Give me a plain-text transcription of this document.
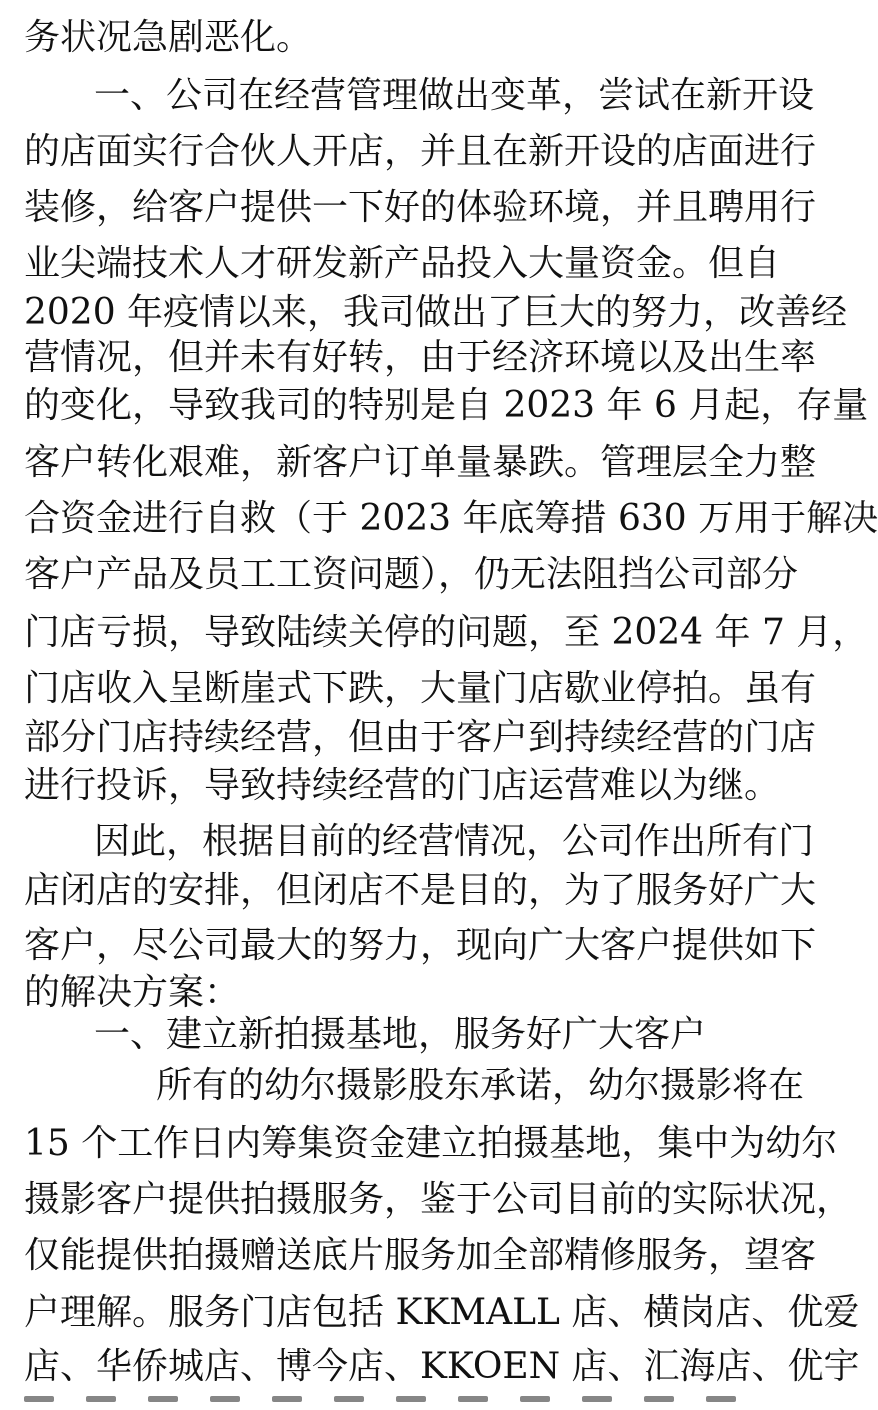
务状况急剧恶化。
一、公司在经营管理做出变革，尝试在新开设
的店面实行合伙人开店，并且在新开设的店面进行
装修，给客户提供一下好的体验环境，并且聘用行
业尖端技术人才研发新产品投入大量资金。但自
2020 年疫情以来，我司做出了巨大的努力，改善经
营情况，但并未有好转，由于经济环境以及出生率
的变化，导致我司的特别是自 2023 年 6 月起，存量
客户转化艰难，新客户订单量暴跌。管理层全力整
合资金进行自救（于 2023 年底筹措 630 万用于解决
客户产品及员工工资问题），仍无法阻挡公司部分
门店亏损，导致陆续关停的问题，至 2024 年 7 月，
门店收入呈断崖式下跌，大量门店歇业停拍。虽有
部分门店持续经营，但由于客户到持续经营的门店
进行投诉，导致持续经营的门店运营难以为继。
因此，根据目前的经营情况，公司作出所有门
店闭店的安排，但闭店不是目的，为了服务好广大
客户，尽公司最大的努力，现向广大客户提供如下
的解决方案：
一、建立新拍摄基地，服务好广大客户
所有的幼尔摄影股东承诺，幼尔摄影将在
15 个工作日内筹集资金建立拍摄基地，集中为幼尔
摄影客户提供拍摄服务，鉴于公司目前的实际状况，
仅能提供拍摄赠送底片服务加全部精修服务，望客
户理解。服务门店包括 KKMALL 店、横岗店、优爱
店、华侨城店、博今店、KKOEN 店、汇海店、优宇
